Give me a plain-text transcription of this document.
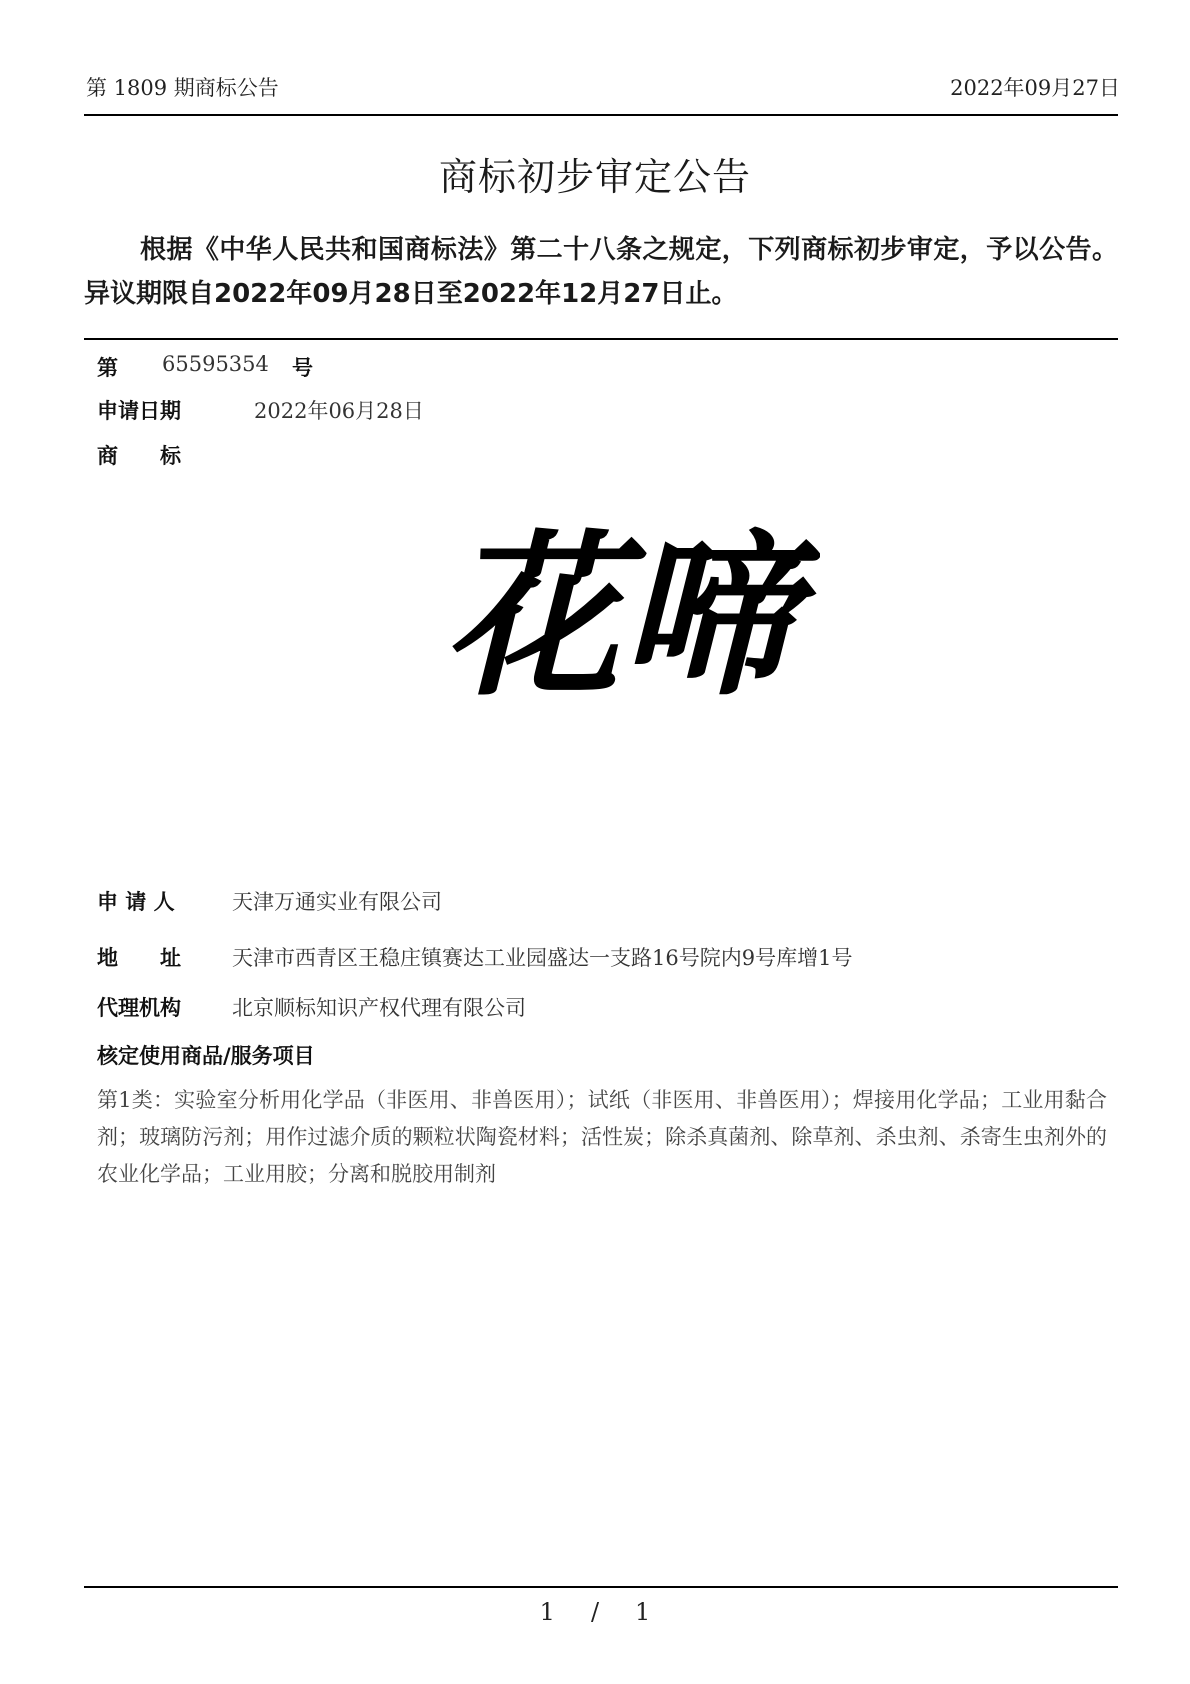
第 1809 期商标公告	2022年09月27日
商标初步审定公告
根据《中华人民共和国商标法》第二十八条之规定，下列商标初步审定，予以公告。异议期限自2022年09月28日至2022年12月27日止。
第 65595354 号
申请日期	2022年06月28日
商　　标
花啼
申 请 人	天津万通实业有限公司
地　　址 天津市西青区王稳庄镇赛达工业园盛达一支路16号院内9号库增1号
代理机构 北京顺标知识产权代理有限公司
核定使用商品/服务项目
第1类：实验室分析用化学品（非医用、非兽医用）；试纸（非医用、非兽医用）；焊接用化学品；工业用黏合剂；玻璃防污剂；用作过滤介质的颗粒状陶瓷材料；活性炭；除杀真菌剂、除草剂、杀虫剂、杀寄生虫剂外的农业化学品；工业用胶；分离和脱胶用制剂
1 / 1
